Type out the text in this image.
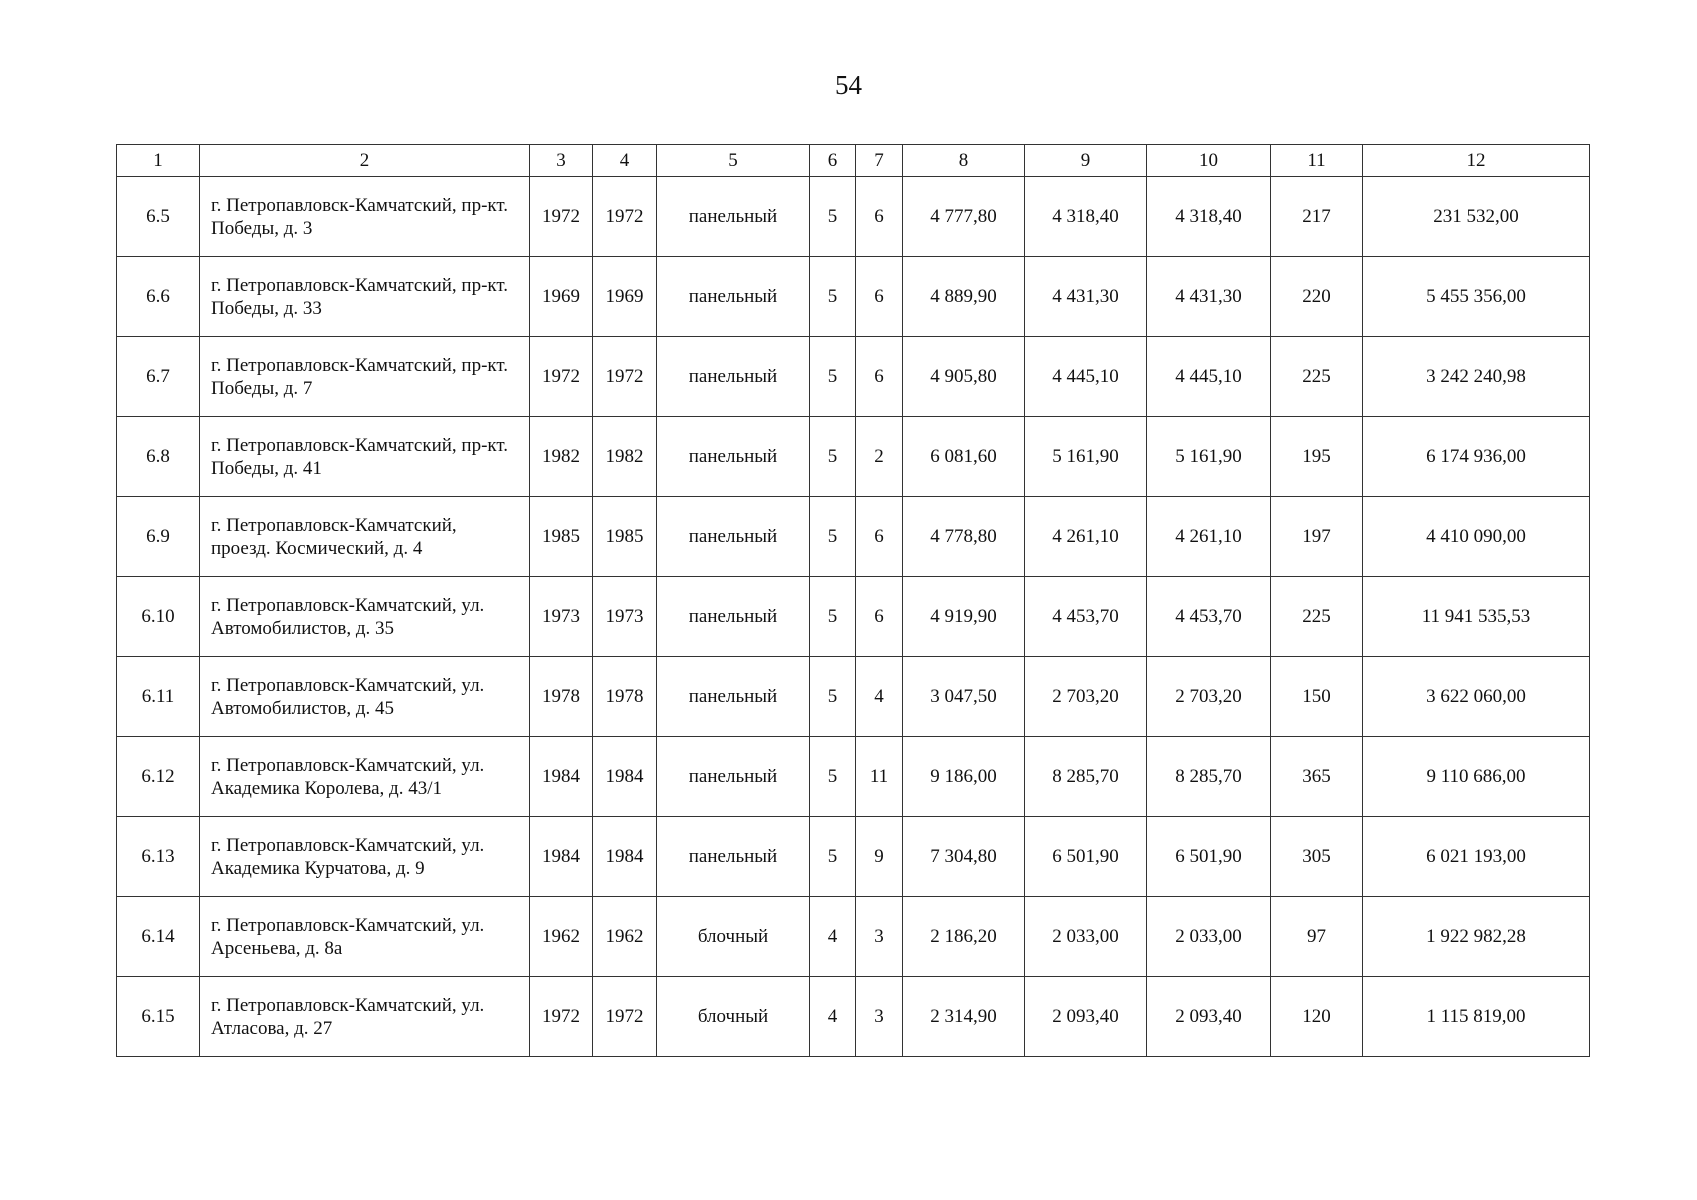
54
1	2	3	4	5	6	7	8	9	10	11	12
6.5	г. Петропавловск-Камчатский, пр-кт. Победы, д. 3	1972	1972	панельный	5	6	4 777,80	4 318,40	4 318,40	217	231 532,00
6.6	г. Петропавловск-Камчатский, пр-кт. Победы, д. 33	1969	1969	панельный	5	6	4 889,90	4 431,30	4 431,30	220	5 455 356,00
6.7	г. Петропавловск-Камчатский, пр-кт. Победы, д. 7	1972	1972	панельный	5	6	4 905,80	4 445,10	4 445,10	225	3 242 240,98
6.8	г. Петропавловск-Камчатский, пр-кт. Победы, д. 41	1982	1982	панельный	5	2	6 081,60	5 161,90	5 161,90	195	6 174 936,00
6.9	г. Петропавловск-Камчатский, проезд. Космический, д. 4	1985	1985	панельный	5	6	4 778,80	4 261,10	4 261,10	197	4 410 090,00
6.10	г. Петропавловск-Камчатский, ул. Автомобилистов, д. 35	1973	1973	панельный	5	6	4 919,90	4 453,70	4 453,70	225	11 941 535,53
6.11	г. Петропавловск-Камчатский, ул. Автомобилистов, д. 45	1978	1978	панельный	5	4	3 047,50	2 703,20	2 703,20	150	3 622 060,00
6.12	г. Петропавловск-Камчатский, ул. Академика Королева, д. 43/1	1984	1984	панельный	5	11	9 186,00	8 285,70	8 285,70	365	9 110 686,00
6.13	г. Петропавловск-Камчатский, ул. Академика Курчатова, д. 9	1984	1984	панельный	5	9	7 304,80	6 501,90	6 501,90	305	6 021 193,00
6.14	г. Петропавловск-Камчатский, ул. Арсеньева, д. 8а	1962	1962	блочный	4	3	2 186,20	2 033,00	2 033,00	97	1 922 982,28
6.15	г. Петропавловск-Камчатский, ул. Атласова, д. 27	1972	1972	блочный	4	3	2 314,90	2 093,40	2 093,40	120	1 115 819,00
